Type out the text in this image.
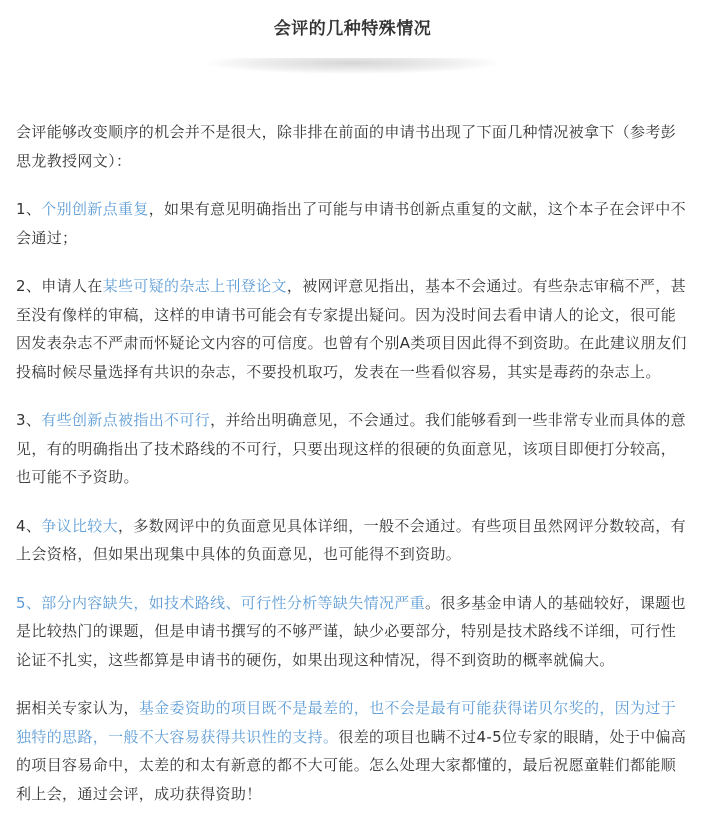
会评的几种特殊情况

会评能够改变顺序的机会并不是很大，除非排在前面的申请书出现了下面几种情况被拿下（参考彭思龙教授网文）：

1、个别创新点重复，如果有意见明确指出了可能与申请书创新点重复的文献，这个本子在会评中不会通过；

2、申请人在某些可疑的杂志上刊登论文，被网评意见指出，基本不会通过。有些杂志审稿不严，甚至没有像样的审稿，这样的申请书可能会有专家提出疑问。因为没时间去看申请人的论文，很可能因发表杂志不严肃而怀疑论文内容的可信度。也曾有个别A类项目因此得不到资助。在此建议朋友们投稿时候尽量选择有共识的杂志，不要投机取巧，发表在一些看似容易，其实是毒药的杂志上。

3、有些创新点被指出不可行，并给出明确意见，不会通过。我们能够看到一些非常专业而具体的意见，有的明确指出了技术路线的不可行，只要出现这样的很硬的负面意见，该项目即便打分较高，也可能不予资助。

4、争议比较大，多数网评中的负面意见具体详细，一般不会通过。有些项目虽然网评分数较高，有上会资格，但如果出现集中具体的负面意见，也可能得不到资助。

5、部分内容缺失，如技术路线、可行性分析等缺失情况严重。很多基金申请人的基础较好，课题也是比较热门的课题，但是申请书撰写的不够严谨，缺少必要部分，特别是技术路线不详细，可行性论证不扎实，这些都算是申请书的硬伤，如果出现这种情况，得不到资助的概率就偏大。

据相关专家认为，基金委资助的项目既不是最差的，也不会是最有可能获得诺贝尔奖的，因为过于独特的思路，一般不大容易获得共识性的支持。很差的项目也瞒不过4-5位专家的眼睛，处于中偏高的项目容易命中，太差的和太有新意的都不大可能。怎么处理大家都懂的，最后祝愿童鞋们都能顺利上会，通过会评，成功获得资助！
